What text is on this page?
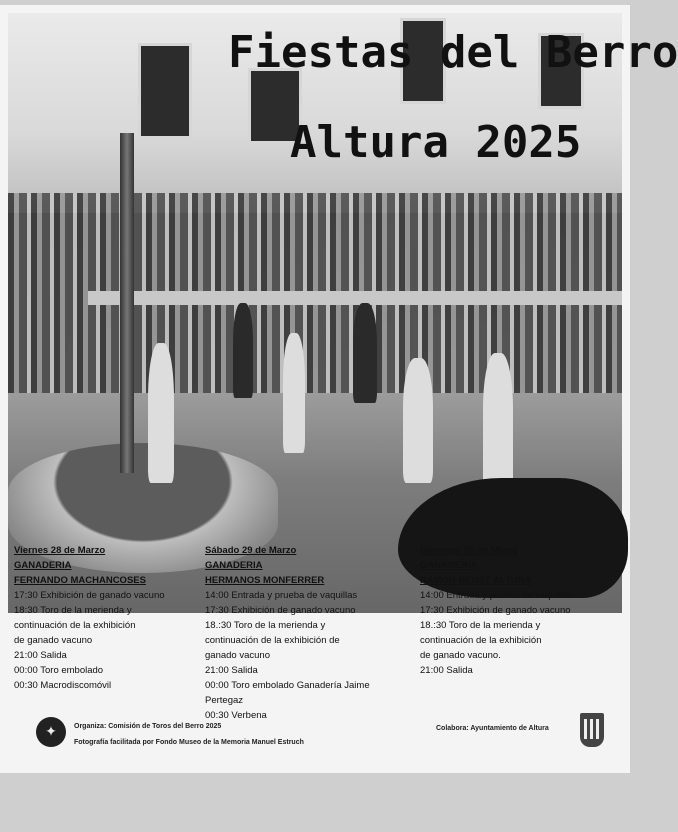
Fiestas del Berro
Altura 2025
Viernes 28 de Marzo
GANADERIA
FERNANDO MACHANCOSES
17:30 Exhibición de ganado vacuno
18:30 Toro de la merienda y
continuación de la exhibición
de ganado vacuno
21:00 Salida
00:00 Toro embolado
00:30 Macrodiscomóvil
Sábado 29 de Marzo
GANADERIA
HERMANOS MONFERRER
14:00 Entrada y prueba de vaquillas
17:30 Exhibición de ganado vacuno
18.:30 Toro de la merienda y
continuación de la exhibición de
ganado vacuno
21:00 Salida
00:00 Toro embolado Ganadería Jaime
Pertegaz
00:30 Verbena
Domingo 30 de Marzo
GANADERIA
RAMON BENET ALTURA
14:00 Entrada y prueba de vaquillas
17:30 Exhibición de ganado vacuno
18.:30 Toro de la merienda y
continuación de la exhibición
de ganado vacuno.
21:00 Salida
✦ Organiza: Comisión de Toros del Berro 2025
Fotografía facilitada por Fondo Museo de la Memoria Manuel Estruch
Colabora: Ayuntamiento de Altura
